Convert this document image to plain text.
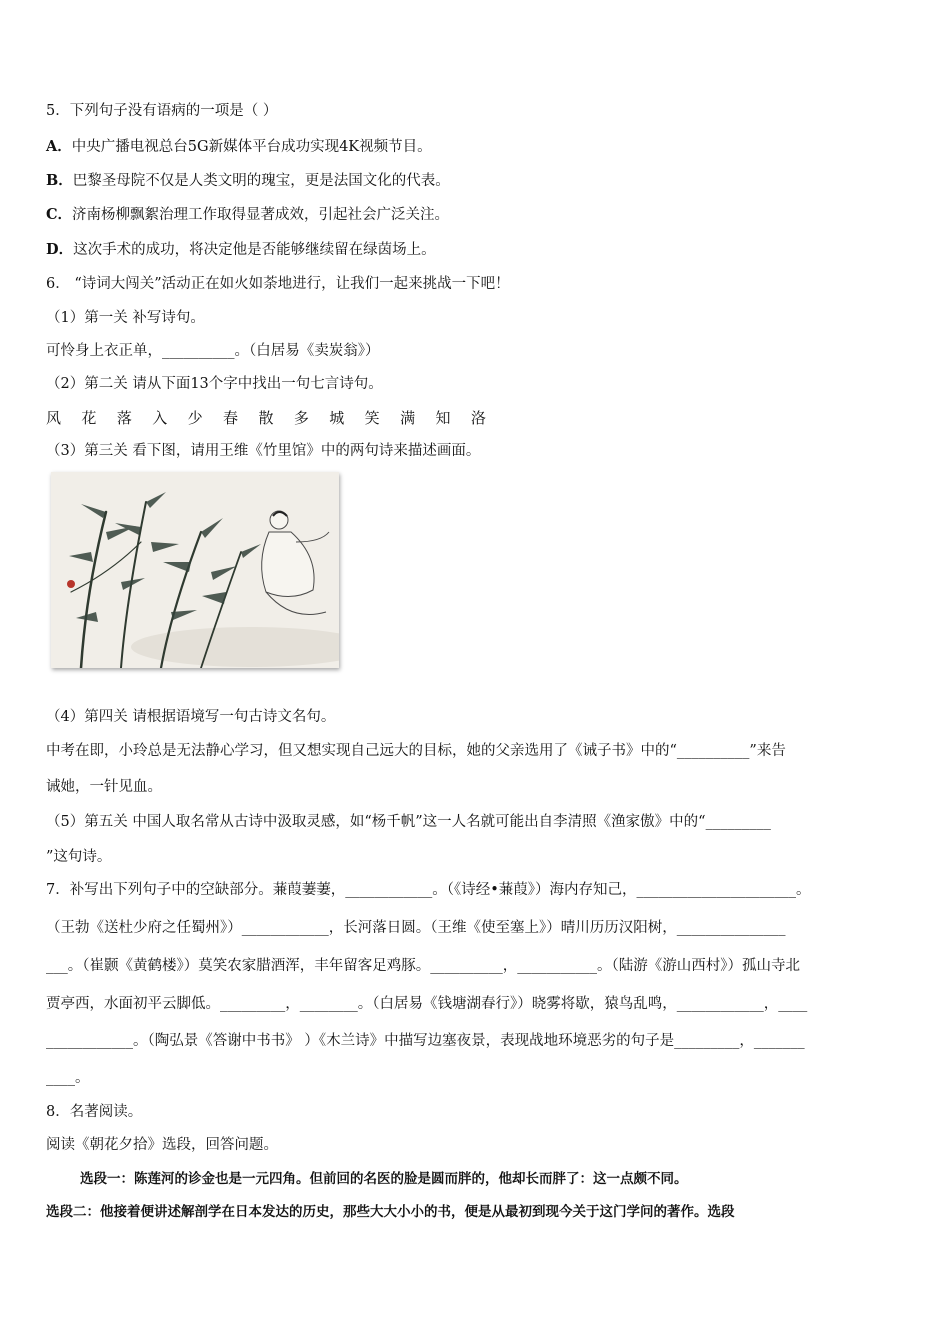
5．下列句子没有语病的一项是（ ）
A．中央广播电视总台5G新媒体平台成功实现4K视频节目。
B．巴黎圣母院不仅是人类文明的瑰宝，更是法国文化的代表。
C．济南杨柳飘絮治理工作取得显著成效，引起社会广泛关注。
D．这次手术的成功，将决定他是否能够继续留在绿茵场上。
6． “诗词大闯关”活动正在如火如荼地进行，让我们一起来挑战一下吧！
（1）第一关 补写诗句。
可怜身上衣正单，__________。（白居易《卖炭翁》）
（2）第二关 请从下面13个字中找出一句七言诗句。
风 花 落 入 少 春 散 多 城 笑 满 知 洛
（3）第三关 看下图，请用王维《竹里馆》中的两句诗来描述画面。
（4）第四关 请根据语境写一句古诗文名句。
中考在即，小玲总是无法静心学习，但又想实现自己远大的目标，她的父亲选用了《诫子书》中的“__________”来告
诫她，一针见血。
（5）第五关 中国人取名常从古诗中汲取灵感，如“杨千帆”这一人名就可能出自李清照《渔家傲》中的“_________
”这句诗。
7．补写出下列句子中的空缺部分。蒹葭萋萋，____________。（《诗经•蒹葭》）海内存知己，______________________。
（王勃《送杜少府之任蜀州》）____________，长河落日圆。（王维《使至塞上》）晴川历历汉阳树，_______________
___。（崔颢《黄鹤楼》）莫笑农家腊酒浑，丰年留客足鸡豚。__________，___________。（陆游《游山西村》）孤山寺北
贾亭西，水面初平云脚低。_________，________。（白居易《钱塘湖春行》）晓雾将歇，猿鸟乱鸣，____________，____
____________。（陶弘景《答谢中书书》 ）《木兰诗》中描写边塞夜景，表现战地环境恶劣的句子是_________，_______
____。
8．名著阅读。
阅读《朝花夕拾》选段，回答问题。
选段一：陈莲河的诊金也是一元四角。但前回的名医的脸是圆而胖的，他却长而胖了：这一点颇不同。
选段二：他接着便讲述解剖学在日本发达的历史，那些大大小小的书，便是从最初到现今关于这门学问的著作。选段
